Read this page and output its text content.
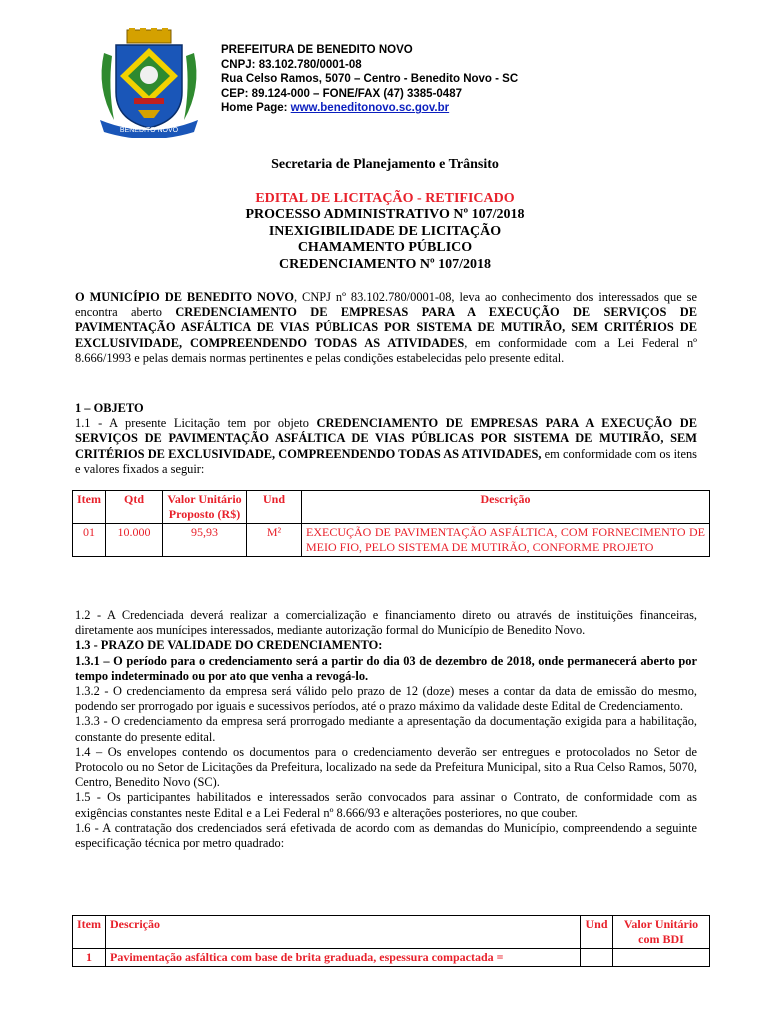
BENEDITO NOVO
PREFEITURA DE BENEDITO NOVO
CNPJ: 83.102.780/0001-08
Rua Celso Ramos, 5070 – Centro - Benedito Novo - SC
CEP: 89.124-000 – FONE/FAX (47) 3385-0487
Home Page: www.beneditonovo.sc.gov.br
Secretaria de Planejamento e Trânsito
EDITAL DE LICITAÇÃO - RETIFICADO
PROCESSO ADMINISTRATIVO Nº 107/2018
INEXIGIBILIDADE DE LICITAÇÃO
CHAMAMENTO PÚBLICO
CREDENCIAMENTO Nº 107/2018
O MUNICÍPIO DE BENEDITO NOVO, CNPJ nº 83.102.780/0001-08, leva ao conhecimento dos interessados que se encontra aberto CREDENCIAMENTO DE EMPRESAS PARA A EXECUÇÃO DE SERVIÇOS DE PAVIMENTAÇÃO ASFÁLTICA DE VIAS PÚBLICAS POR SISTEMA DE MUTIRÃO, SEM CRITÉRIOS DE EXCLUSIVIDADE, COMPREENDENDO TODAS AS ATIVIDADES, em conformidade com a Lei Federal nº 8.666/1993 e pelas demais normas pertinentes e pelas condições estabelecidas pelo presente edital.
1 – OBJETO
1.1 - A presente Licitação tem por objeto CREDENCIAMENTO DE EMPRESAS PARA A EXECUÇÃO DE SERVIÇOS DE PAVIMENTAÇÃO ASFÁLTICA DE VIAS PÚBLICAS POR SISTEMA DE MUTIRÃO, SEM CRITÉRIOS DE EXCLUSIVIDADE, COMPREENDENDO TODAS AS ATIVIDADES, em conformidade com os itens e valores fixados a seguir:
Item	Qtd	Valor Unitário Proposto (R$)	Und	Descrição
01	10.000	95,93	M²	EXECUÇÃO DE PAVIMENTAÇÃO ASFÁLTICA, COM FORNECIMENTO DE MEIO FIO, PELO SISTEMA DE MUTIRÃO, CONFORME PROJETO
1.2 - A Credenciada deverá realizar a comercialização e financiamento direto ou através de instituições financeiras, diretamente aos munícipes interessados, mediante autorização formal do Município de Benedito Novo.
1.3 - PRAZO DE VALIDADE DO CREDENCIAMENTO:
1.3.1 – O período para o credenciamento será a partir do dia 03 de dezembro de 2018, onde permanecerá aberto por tempo indeterminado ou por ato que venha a revogá-lo.
1.3.2 - O credenciamento da empresa será válido pelo prazo de 12 (doze) meses a contar da data de emissão do mesmo, podendo ser prorrogado por iguais e sucessivos períodos, até o prazo máximo da validade deste Edital de Credenciamento.
1.3.3 - O credenciamento da empresa será prorrogado mediante a apresentação da documentação exigida para a habilitação, constante do presente edital.
1.4 – Os envelopes contendo os documentos para o credenciamento deverão ser entregues e protocolados no Setor de Protocolo ou no Setor de Licitações da Prefeitura, localizado na sede da Prefeitura Municipal, sito a Rua Celso Ramos, 5070, Centro, Benedito Novo (SC).
1.5 - Os participantes habilitados e interessados serão convocados para assinar o Contrato, de conformidade com as exigências constantes neste Edital e a Lei Federal nº 8.666/93 e alterações posteriores, no que couber.
1.6 - A contratação dos credenciados será efetivada de acordo com as demandas do Município, compreendendo a seguinte especificação técnica por metro quadrado:
Item	Descrição	Und	Valor Unitário com BDI
1	Pavimentação asfáltica com base de brita graduada, espessura compactada =		
